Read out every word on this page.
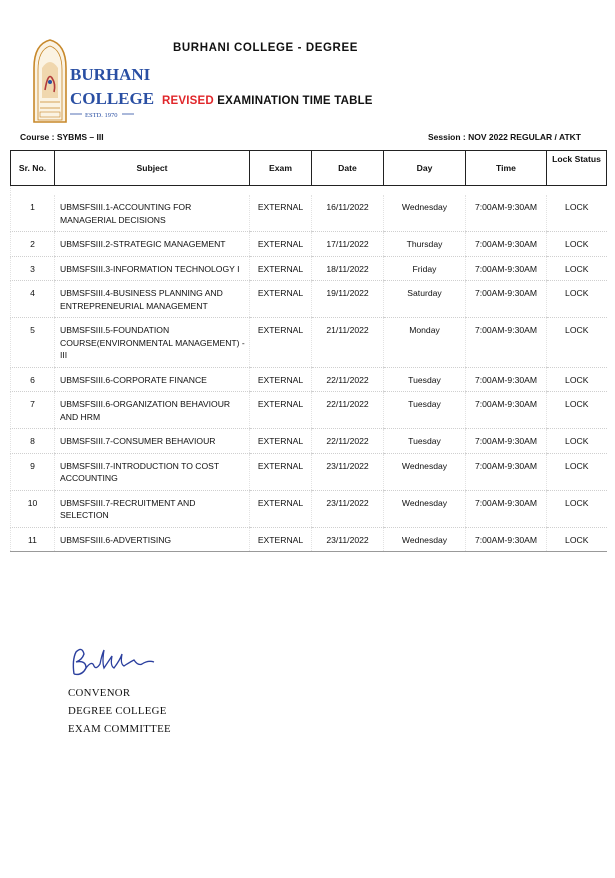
BURHANI
COLLEGE
ESTD. 1970
BURHANI COLLEGE - DEGREE
REVISED EXAMINATION TIME TABLE
Course : SYBMS – III	Session : NOV 2022 REGULAR / ATKT
Sr. No.	Subject	Exam	Date	Day	Time	Lock Status

1	UBMSFSIII.1-ACCOUNTING FOR MANAGERIAL DECISIONS	EXTERNAL	16/11/2022	Wednesday	7:00AM-9:30AM	LOCK
2	UBMSFSIII.2-STRATEGIC MANAGEMENT	EXTERNAL	17/11/2022	Thursday	7:00AM-9:30AM	LOCK
3	UBMSFSIII.3-INFORMATION TECHNOLOGY I	EXTERNAL	18/11/2022	Friday	7:00AM-9:30AM	LOCK
4	UBMSFSIII.4-BUSINESS PLANNING AND ENTREPRENEURIAL MANAGEMENT	EXTERNAL	19/11/2022	Saturday	7:00AM-9:30AM	LOCK
5	UBMSFSIII.5-FOUNDATION COURSE(ENVIRONMENTAL MANAGEMENT) - III	EXTERNAL	21/11/2022	Monday	7:00AM-9:30AM	LOCK
6	UBMSFSIII.6-CORPORATE FINANCE	EXTERNAL	22/11/2022	Tuesday	7:00AM-9:30AM	LOCK
7	UBMSFSIII.6-ORGANIZATION BEHAVIOUR AND HRM	EXTERNAL	22/11/2022	Tuesday	7:00AM-9:30AM	LOCK
8	UBMSFSIII.7-CONSUMER BEHAVIOUR	EXTERNAL	22/11/2022	Tuesday	7:00AM-9:30AM	LOCK
9	UBMSFSIII.7-INTRODUCTION TO COST ACCOUNTING	EXTERNAL	23/11/2022	Wednesday	7:00AM-9:30AM	LOCK
10	UBMSFSIII.7-RECRUITMENT AND SELECTION	EXTERNAL	23/11/2022	Wednesday	7:00AM-9:30AM	LOCK
11	UBMSFSIII.6-ADVERTISING	EXTERNAL	23/11/2022	Wednesday	7:00AM-9:30AM	LOCK
CONVENOR
DEGREE COLLEGE
EXAM COMMITTEE
